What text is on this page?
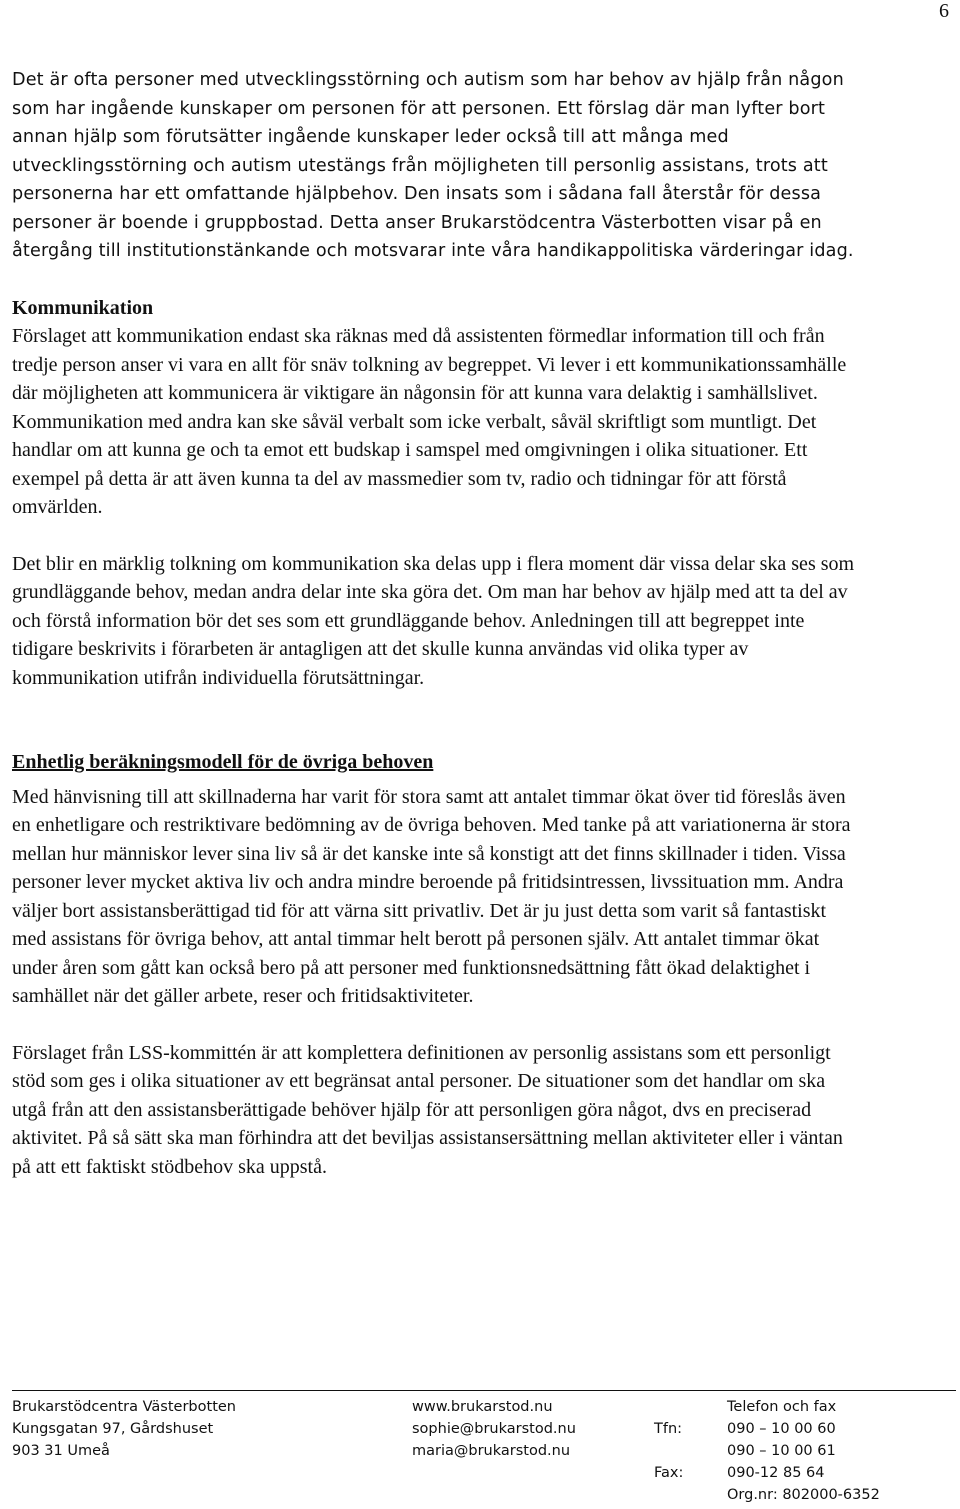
6

Det är ofta personer med utvecklingsstörning och autism som har behov av hjälp från någon som har ingående kunskaper om personen för att personen. Ett förslag där man lyfter bort annan hjälp som förutsätter ingående kunskaper leder också till att många med utvecklingsstörning och autism utestängs från möjligheten till personlig assistans, trots att personerna har ett omfattande hjälpbehov. Den insats som i sådana fall återstår för dessa personer är boende i gruppbostad. Detta anser Brukarstödcentra Västerbotten visar på en återgång till institutionstänkande och motsvarar inte våra handikappolitiska värderingar idag.

Kommunikation

Förslaget att kommunikation endast ska räknas med då assistenten förmedlar information till och från tredje person anser vi vara en allt för snäv tolkning av begreppet. Vi lever i ett kommunikationssamhälle där möjligheten att kommunicera är viktigare än någonsin för att kunna vara delaktig i samhällslivet. Kommunikation med andra kan ske såväl verbalt som icke verbalt, såväl skriftligt som muntligt. Det handlar om att kunna ge och ta emot ett budskap i samspel med omgivningen i olika situationer. Ett exempel på detta är att även kunna ta del av massmedier som tv, radio och tidningar för att förstå omvärlden.

Det blir en märklig tolkning om kommunikation ska delas upp i flera moment där vissa delar ska ses som grundläggande behov, medan andra delar inte ska göra det. Om man har behov av hjälp med att ta del av och förstå information bör det ses som ett grundläggande behov. Anledningen till att begreppet inte tidigare beskrivits i förarbeten är antagligen att det skulle kunna användas vid olika typer av kommunikation utifrån individuella förutsättningar.

Enhetlig beräkningsmodell för de övriga behoven

Med hänvisning till att skillnaderna har varit för stora samt att antalet timmar ökat över tid föreslås även en enhetligare och restriktivare bedömning av de övriga behoven. Med tanke på att variationerna är stora mellan hur människor lever sina liv så är det kanske inte så konstigt att det finns skillnader i tiden. Vissa personer lever mycket aktiva liv och andra mindre beroende på fritidsintressen, livssituation mm. Andra väljer bort assistansberättigad tid för att värna sitt privatliv. Det är ju just detta som varit så fantastiskt med assistans för övriga behov, att antal timmar helt berott på personen själv. Att antalet timmar ökat under åren som gått kan också bero på att personer med funktionsnedsättning fått ökad delaktighet i samhället när det gäller arbete, reser och fritidsaktiviteter.

Förslaget från LSS-kommittén är att komplettera definitionen av personlig assistans som ett personligt stöd som ges i olika situationer av ett begränsat antal personer. De situationer som det handlar om ska utgå från att den assistansberättigade behöver hjälp för att personligen göra något, dvs en preciserad aktivitet. På så sätt ska man förhindra att det beviljas assistansersättning mellan aktiviteter eller i väntan på att ett faktiskt stödbehov ska uppstå.

Brukarstödcentra Västerbotten
Kungsgatan 97, Gårdshuset
903 31 Umeå
www.brukarstod.nu
sophie@brukarstod.nu
maria@brukarstod.nu

Tfn:

Fax:
Telefon och fax
090 – 10 00 60
090 – 10 00 61
090-12 85 64
Org.nr: 802000-6352
